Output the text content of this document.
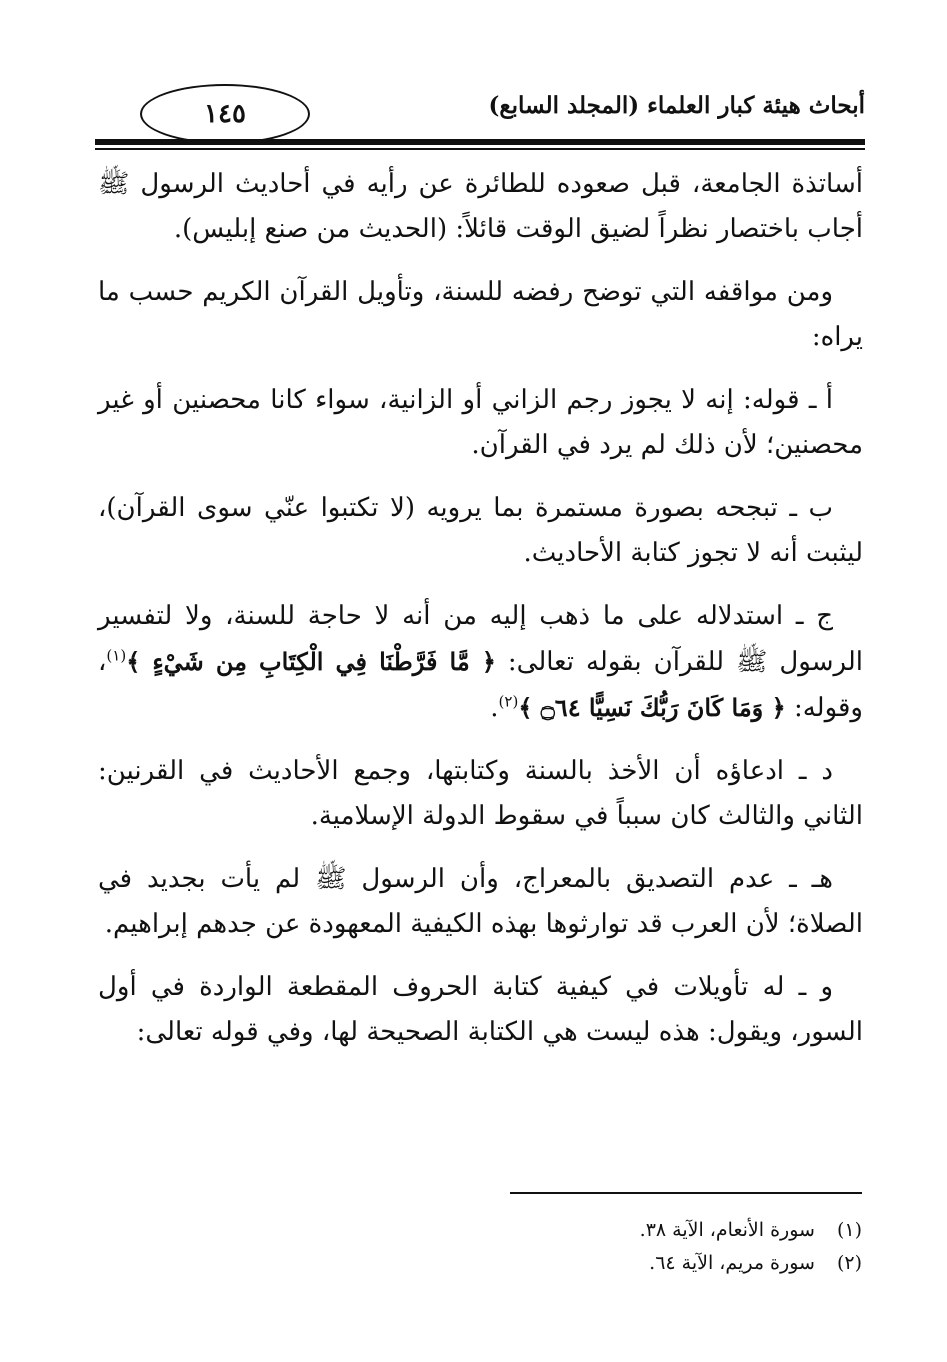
أبحاث هيئة كبار العلماء (المجلد السابع)
١٤٥

أساتذة الجامعة، قبل صعوده للطائرة عن رأيه في أحاديث الرسول ﷺ أجاب باختصار نظراً لضيق الوقت قائلاً: (الحديث من صنع إبليس).

ومن مواقفه التي توضح رفضه للسنة، وتأويل القرآن الكريم حسب ما يراه:

أ ـ قوله: إنه لا يجوز رجم الزاني أو الزانية، سواء كانا محصنين أو غير محصنين؛ لأن ذلك لم يرد في القرآن.

ب ـ تبجحه بصورة مستمرة بما يرويه (لا تكتبوا عنّي سوى القرآن)، ليثبت أنه لا تجوز كتابة الأحاديث.

ج ـ استدلاله على ما ذهب إليه من أنه لا حاجة للسنة، ولا لتفسير الرسول ﷺ للقرآن بقوله تعالى: ﴿ مَّا فَرَّطْنَا فِي الْكِتَابِ مِن شَيْءٍ ﴾$^{(١)}$، وقوله: ﴿ وَمَا كَانَ رَبُّكَ نَسِيًّا ۝٦٤ ﴾$^{(٢)}$.

د ـ ادعاؤه أن الأخذ بالسنة وكتابتها، وجمع الأحاديث في القرنين: الثاني والثالث كان سبباً في سقوط الدولة الإسلامية.

هـ ـ عدم التصديق بالمعراج، وأن الرسول ﷺ لم يأت بجديد في الصلاة؛ لأن العرب قد توارثوها بهذه الكيفية المعهودة عن جدهم إبراهيم.

و ـ له تأويلات في كيفية كتابة الحروف المقطعة الواردة في أول السور، ويقول: هذه ليست هي الكتابة الصحيحة لها، وفي قوله تعالى:

(١)
سورة الأنعام، الآية ٣٨.
(٢)
سورة مريم، الآية ٦٤.
